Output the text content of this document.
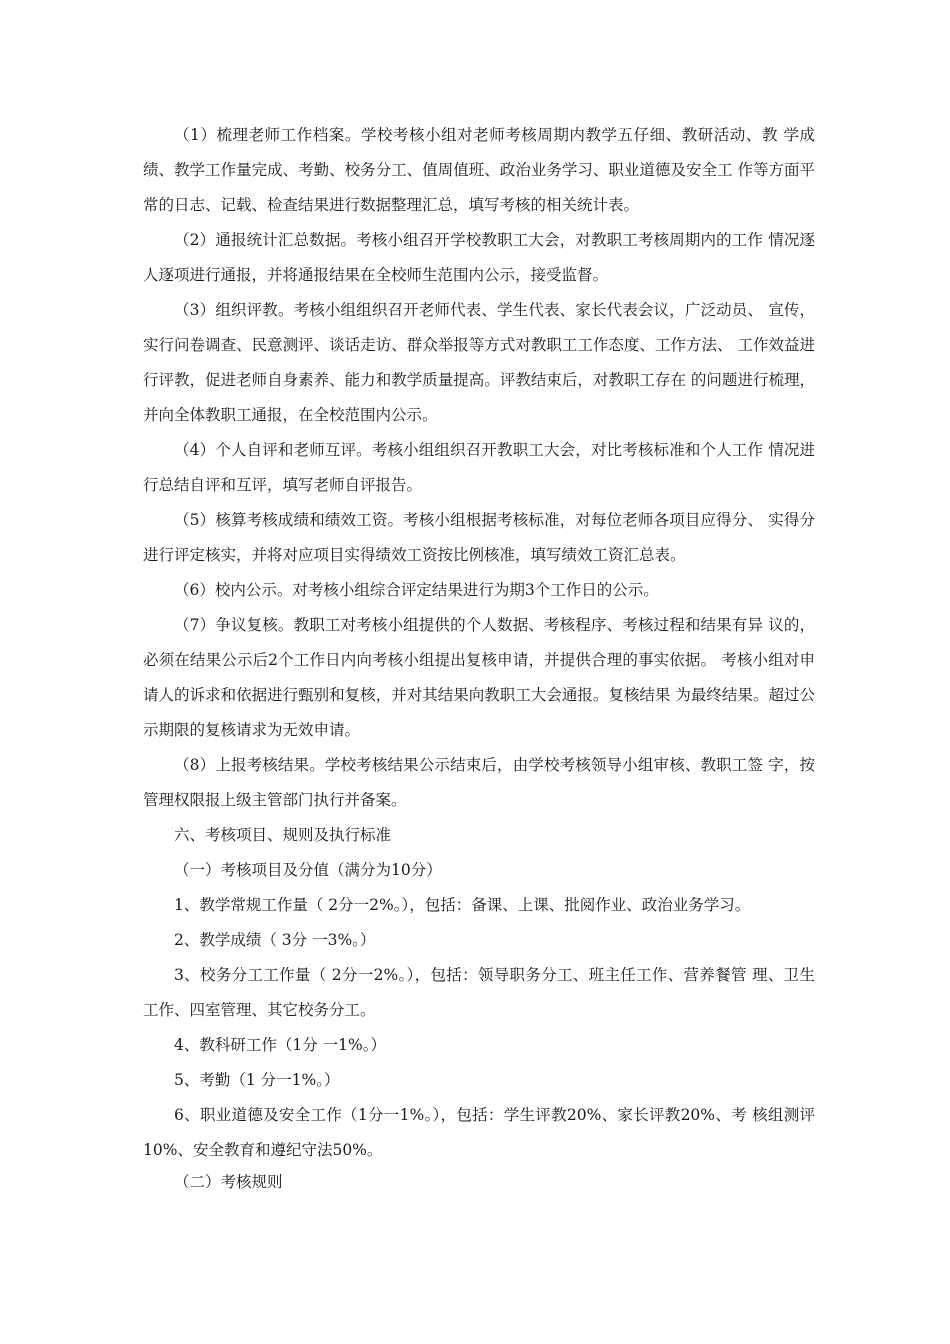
（1）梳理老师工作档案。学校考核小组对老师考核周期内教学五仔细、教研活动、教 学成绩、教学工作量完成、考勤、校务分工、值周值班、政治业务学习、职业道德及安全工 作等方面平常的日志、记载、检查结果进行数据整理汇总，填写考核的相关统计表。

（2）通报统计汇总数据。考核小组召开学校教职工大会，对教职工考核周期内的工作 情况逐人逐项进行通报，并将通报结果在全校师生范围内公示，接受监督。

（3）组织评教。考核小组组织召开老师代表、学生代表、家长代表会议，广泛动员、 宣传，实行问卷调查、民意测评、谈话走访、群众举报等方式对教职工工作态度、工作方法、 工作效益进行评教，促进老师自身素养、能力和教学质量提高。评教结束后，对教职工存在 的问题进行梳理，并向全体教职工通报，在全校范围内公示。

（4）个人自评和老师互评。考核小组组织召开教职工大会，对比考核标准和个人工作 情况进行总结自评和互评，填写老师自评报告。

（5）核算考核成绩和绩效工资。考核小组根据考核标准，对每位老师各项目应得分、 实得分进行评定核实，并将对应项目实得绩效工资按比例核准，填写绩效工资汇总表。

（6）校内公示。对考核小组综合评定结果进行为期3个工作日的公示。

（7）争议复核。教职工对考核小组提供的个人数据、考核程序、考核过程和结果有异 议的，必须在结果公示后2个工作日内向考核小组提出复核申请，并提供合理的事实依据。 考核小组对申请人的诉求和依据进行甄别和复核，并对其结果向教职工大会通报。复核结果 为最终结果。超过公示期限的复核请求为无效申请。

（8）上报考核结果。学校考核结果公示结束后，由学校考核领导小组审核、教职工签 字，按管理权限报上级主管部门执行并备案。

六、考核项目、规则及执行标准

（一）考核项目及分值（满分为10分）

1、教学常规工作量（ 2分一2%。），包括：备课、上课、批阅作业、政治业务学习。

2、教学成绩（ 3分 一3%。）

3、校务分工工作量（ 2分一2%。），包括：领导职务分工、班主任工作、营养餐管 理、卫生工作、四室管理、其它校务分工。

4、教科研工作（1分 一1%。）

5、考勤（1 分一1%。）

6、职业道德及安全工作（1分一1%。），包括：学生评教20%、家长评教20%、考 核组测评10%、安全教育和遵纪守法50%。

（二）考核规则
